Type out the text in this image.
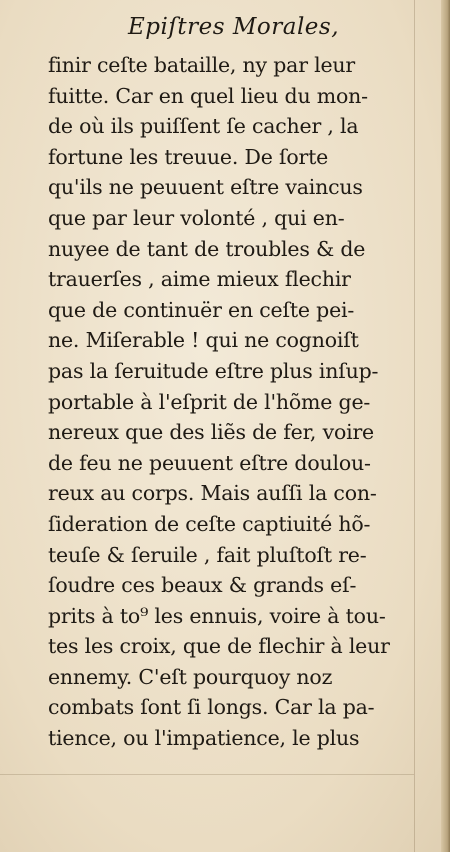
Epiſtres Morales,
finir ceſte bataille, ny par leur
fuitte. Car en quel lieu du mon-
de où ils puiſſent ſe cacher , la
fortune les treuue. De ſorte
qu'ils ne peuuent eſtre vaincus
que par leur volonté , qui en-
nuyee de tant de troubles & de
trauerſes , aime mieux flechir
que de continuër en ceſte pei-
ne. Miſerable ! qui ne cognoiſt
pas la ſeruitude eſtre plus inſup-
portable à l'eſprit de l'hõme ge-
nereux que des liẽs de fer, voire
de feu ne peuuent eſtre doulou-
reux au corps. Mais auſſi la con-
ſideration de ceſte captiuité hõ-
teuſe & ſeruile , fait pluſtoſt re-
ſoudre ces beaux & grands eſ-
prits à to⁹ les ennuis, voire à tou-
tes les croix, que de flechir à leur
ennemy. C'eſt pourquoy noz
combats ſont ſi longs. Car la pa-
tience, ou l'impatience, le plus
